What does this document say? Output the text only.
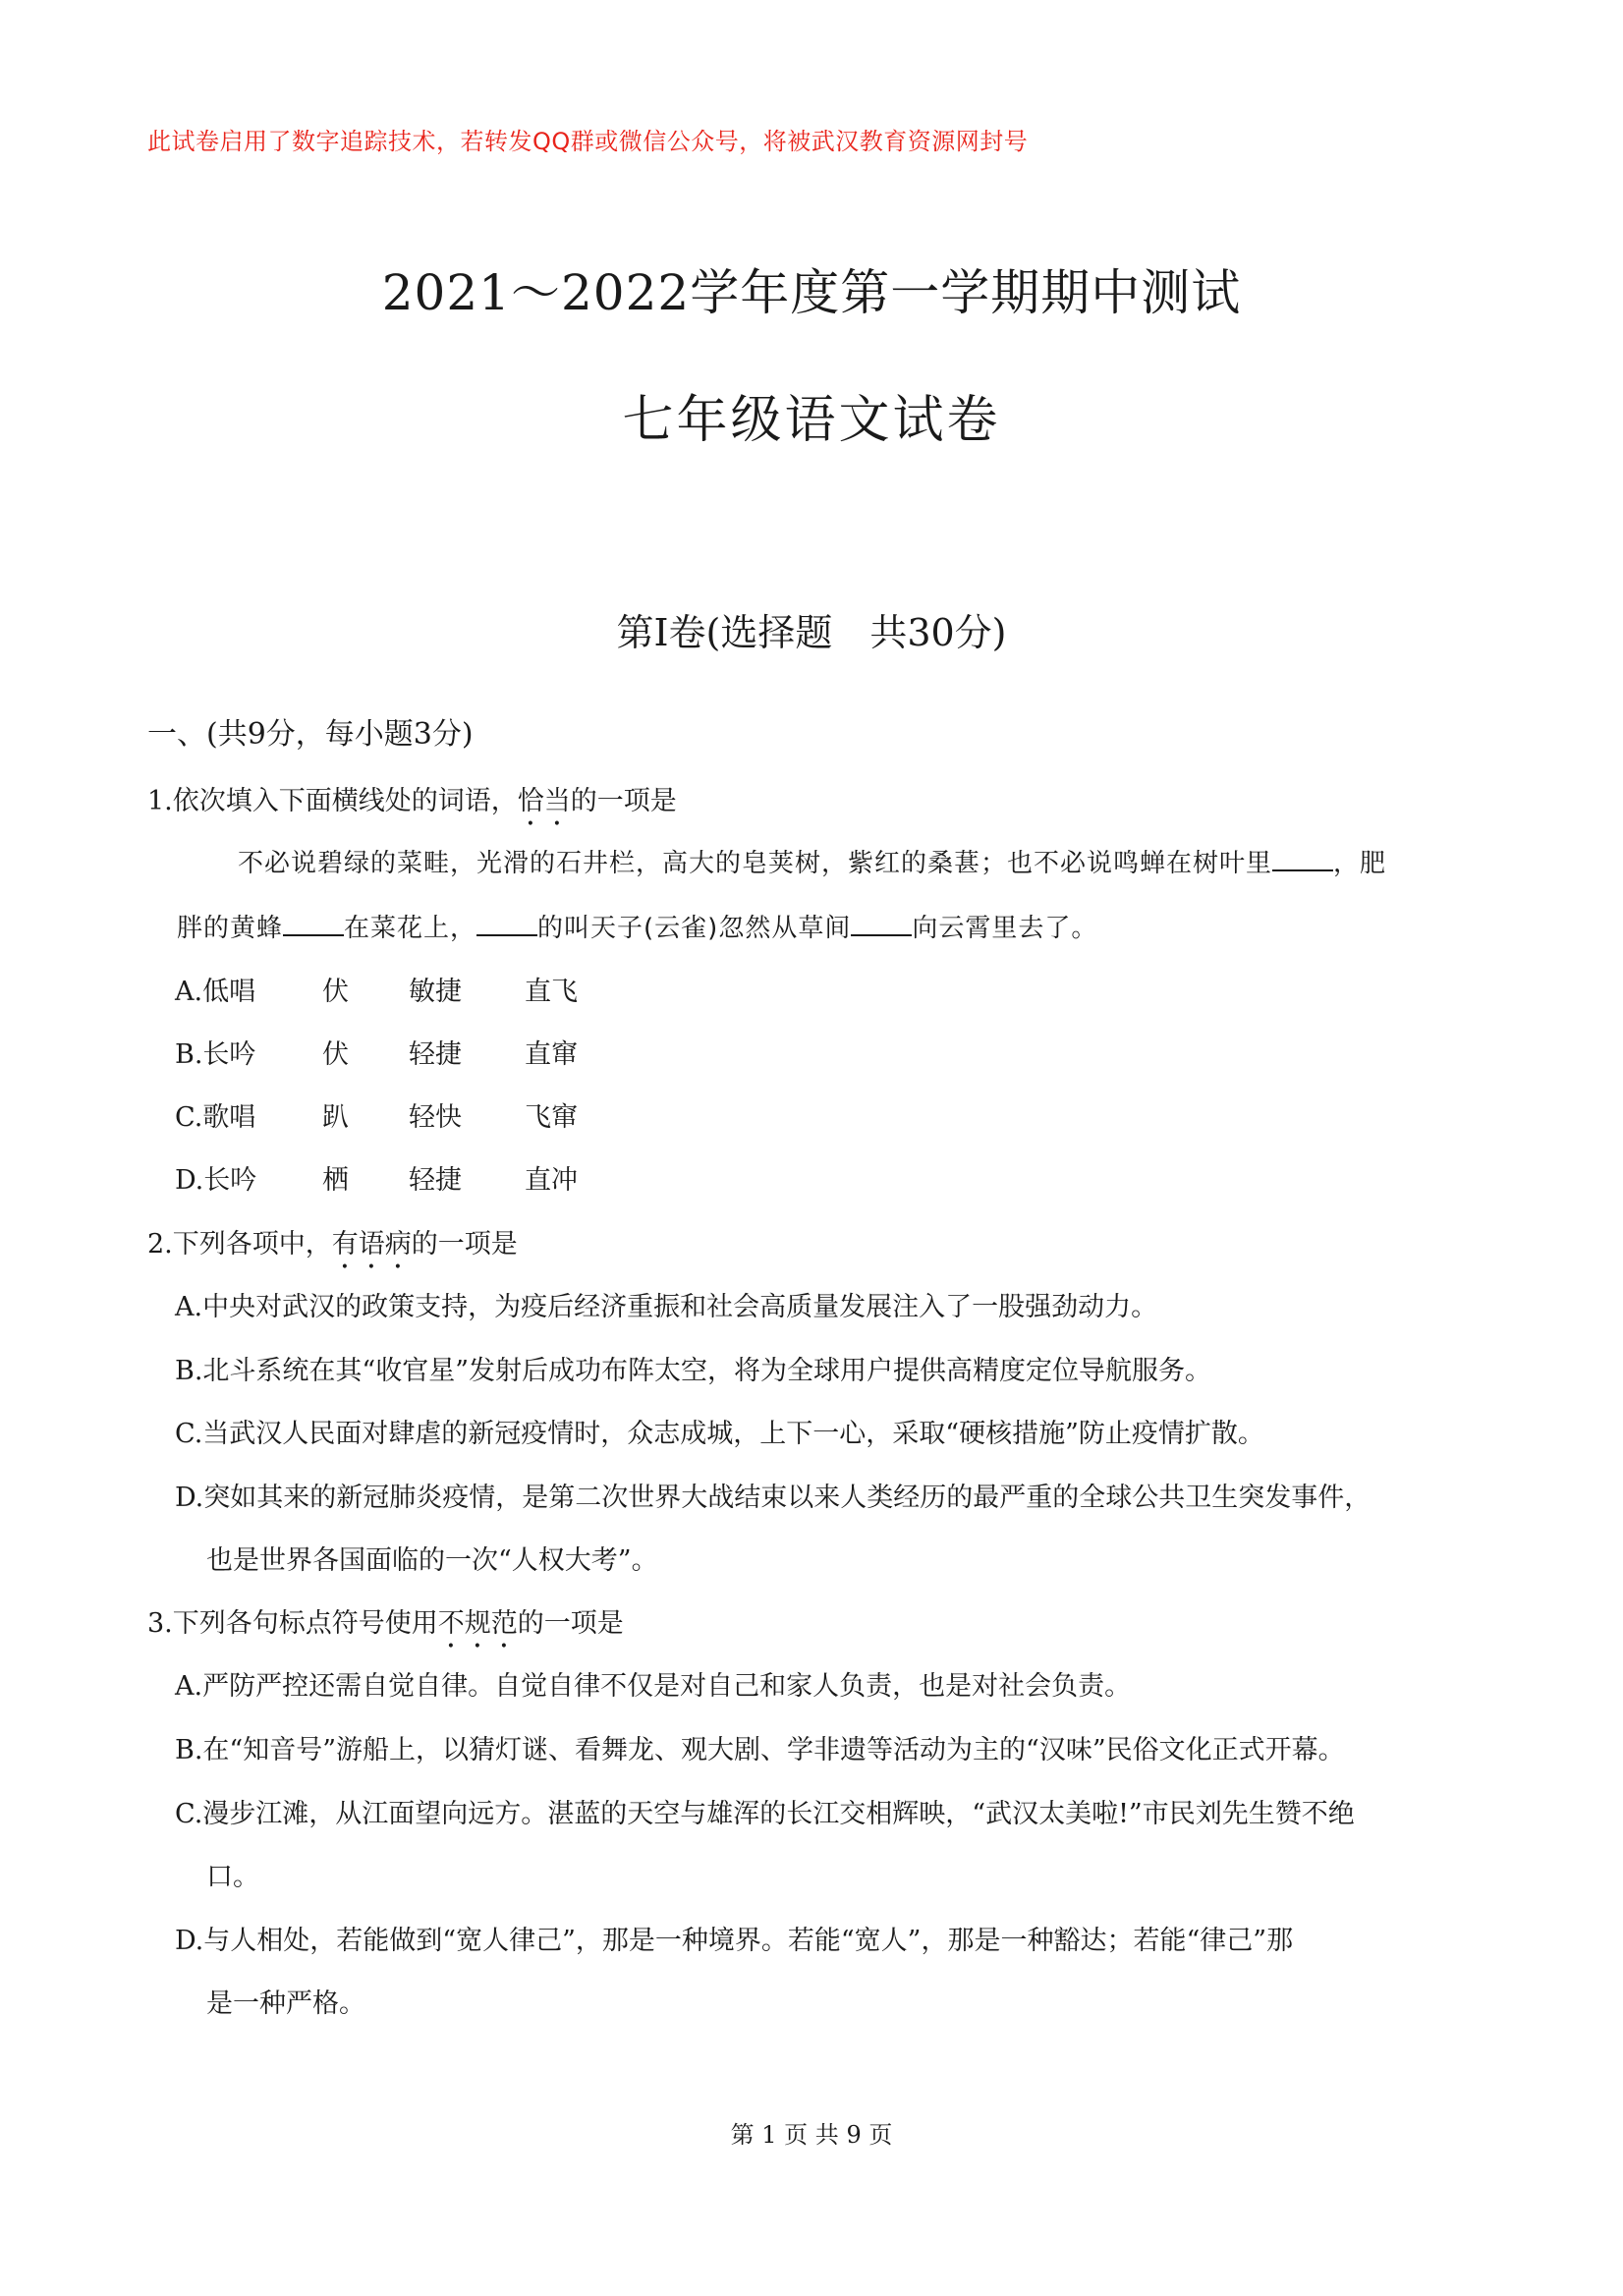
此试卷启用了数字追踪技术，若转发QQ群或微信公众号，将被武汉教育资源网封号
2021～2022学年度第一学期期中测试
七年级语文试卷
第Ⅰ卷(选择题　共30分)
一、(共9分，每小题3分)
1.依次填入下面横线处的词语，恰当的一项是
不必说碧绿的菜畦，光滑的石井栏，高大的皂荚树，紫红的桑葚；也不必说鸣蝉在树叶里 ，肥
胖的黄蜂 在菜花上， 的叫天子(云雀)忽然从草间 向云霄里去了。
A.低唱	伏 敏捷 直飞
B.长吟	伏 轻捷 直窜
C.歌唱	趴 轻快 飞窜
D.长吟 栖 轻捷 直冲
2.下列各项中，有语病的一项是
A.中央对武汉的政策支持，为疫后经济重振和社会高质量发展注入了一股强劲动力。
B.北斗系统在其“收官星”发射后成功布阵太空，将为全球用户提供高精度定位导航服务。
C.当武汉人民面对肆虐的新冠疫情时，众志成城，上下一心，采取“硬核措施”防止疫情扩散。
D.突如其来的新冠肺炎疫情，是第二次世界大战结束以来人类经历的最严重的全球公共卫生突发事件，
也是世界各国面临的一次“人权大考”。
3.下列各句标点符号使用不规范的一项是
A.严防严控还需自觉自律。自觉自律不仅是对自己和家人负责，也是对社会负责。
B.在“知音号”游船上，以猜灯谜、看舞龙、观大剧、学非遗等活动为主的“汉味”民俗文化正式开幕。
C.漫步江滩，从江面望向远方。湛蓝的天空与雄浑的长江交相辉映，“武汉太美啦!”市民刘先生赞不绝
口。
D.与人相处，若能做到“宽人律己”，那是一种境界。若能“宽人”，那是一种豁达；若能“律己”那
是一种严格。
第 1 页 共 9 页
